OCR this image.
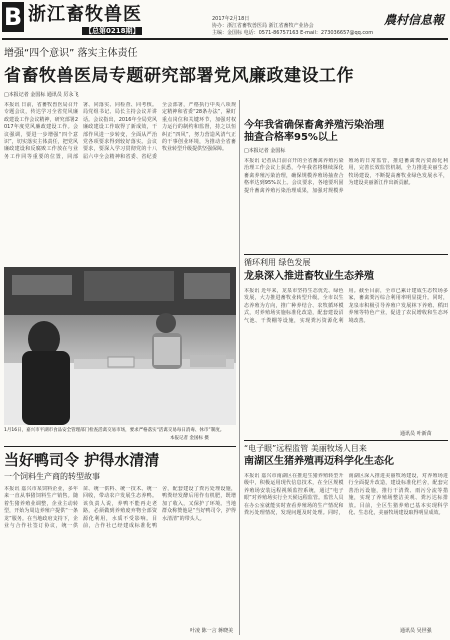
B 浙江畜牧兽医
【总第0218期】
2017年2月18日
协办：浙江省畜牧兽医局 浙江省畜牧产业协会
主编：金国标 电话：0571-86757163 E-mail：273036657@qq.com
農村信息報
增强“四个意识” 落实主体责任
省畜牧兽医局专题研究部署党风廉政建设工作
□本报记者 金国标 通讯员 厉永飞
本报讯 日前，省畜牧兽医局召开专题会议，传达学习全省党风廉政建设工作会议精神，研究部署2017年度党风廉政建设工作。会议强调，要进一步增强“四个意识”，切实落实主体责任，把党风廉政建设和反腐败工作放在与业务工作同等重要的位置，同部署、同落实、同检查、同考核。局党组书记、局长主持会议并讲话。会议指出，2016年全局党风廉政建设工作取得了新成效，干部作风进一步转变，全面从严治党各项要求得到较好落实。会议要求，要深入学习贯彻党的十八届六中全会精神和省委、省纪委全会部署，严格执行中央八项规定精神和省委“28条办法”，紧盯重点岗位和关键环节，加强对权力运行的制约和监督，持之以恒纠正“四风”，努力营造风清气正的干事创业环境，为推动全省畜牧业转型升级提供坚强保障。
1月16日，嘉兴市平湖市食品安全管理部门检查活禽交易市场，要求严格落实“活禽交易每日消毒、休市”制度。
本报记者 金国标 摄
当好鸭司令 护得水清清
一个饲料生产商的转型故事
本报讯 嘉兴市某饲料企业，多年来一直从事猪饲料生产销售。随着生猪养殖业调整，企业主动转型，开始为周边养殖户提供“一条龙”服务。在当地政府支持下，企业与合作社签订协议，统一供苗、统一供料、统一技术、统一回收，带动农户发展生态养鸭。该负责人说，养鸭不能再走老路，必须做到养殖废弃物全部资源化利用，水质不受影响。目前，合作社已经建成标准化鸭舍，配套建设了粪污处理设施，鸭粪经发酵后用作有机肥，既增加了收入，又保护了环境。当地群众称赞他是“当好鸭司令，护得水清清”的带头人。
叶凌 陈一言 蒋晓美
今年我省确保畜禽养殖污染治理
抽查合格率95%以上
□本报记者 金国标
本报讯 记者从日前召开的全省畜禽养殖污染治理工作会议上获悉，今年我省将继续深化畜禽养殖污染治理，确保规模养殖场抽查合格率达到95%以上。会议要求，各地要巩固提升畜禽养殖污染治理成果，加强对规模养殖场的日常监管，推进畜禽粪污资源化利用，完善长效监管机制，全力推进美丽生态牧场建设，不断提高畜牧业绿色发展水平，为建设美丽浙江作出新贡献。
循环利用 绿色发展
龙泉深入推进畜牧业生态养殖
本报讯 近年来，龙泉市坚持生态优先、绿色发展，大力推进畜牧业转型升级。全市以生态养殖为方向，推广种养结合、农牧循环模式，对养殖场实施标准化改造，配套建设沼气池、干粪棚等设施，实现粪污资源化利用。截至目前，全市已累计建成生态牧场多家，畜禽粪污综合利用率明显提升。同时，龙泉市积极引导养殖户发展林下养殖、稻田养殖等特色产业，促进了农民增收和生态环境改善。
通讯员 叶新苗
“电子眼”远程监管 美丽牧场人目来
南湖区生猪养殖再迈科学化生态化
本报讯 嘉兴市南湖区在推进生猪养殖转型升级中，积极运用现代信息技术，在全区规模养殖场安装远程视频监控系统，通过“电子眼”对养殖场实行全天候远程监管。监管人员在办公室就能实时查看养殖场的生产情况和粪污处理情况，发现问题及时处理。同时，南湖区深入推进美丽牧场建设，对养殖场进行全面提升改造，建设标准化栏舍，配套完善治污设施，推行干清粪、雨污分流等措施，实现了养殖场整洁美观、粪污达标排放。目前，全区生猪养殖已基本实现科学化、生态化，美丽牧场建设取得明显成效。
通讯员 吴世强
